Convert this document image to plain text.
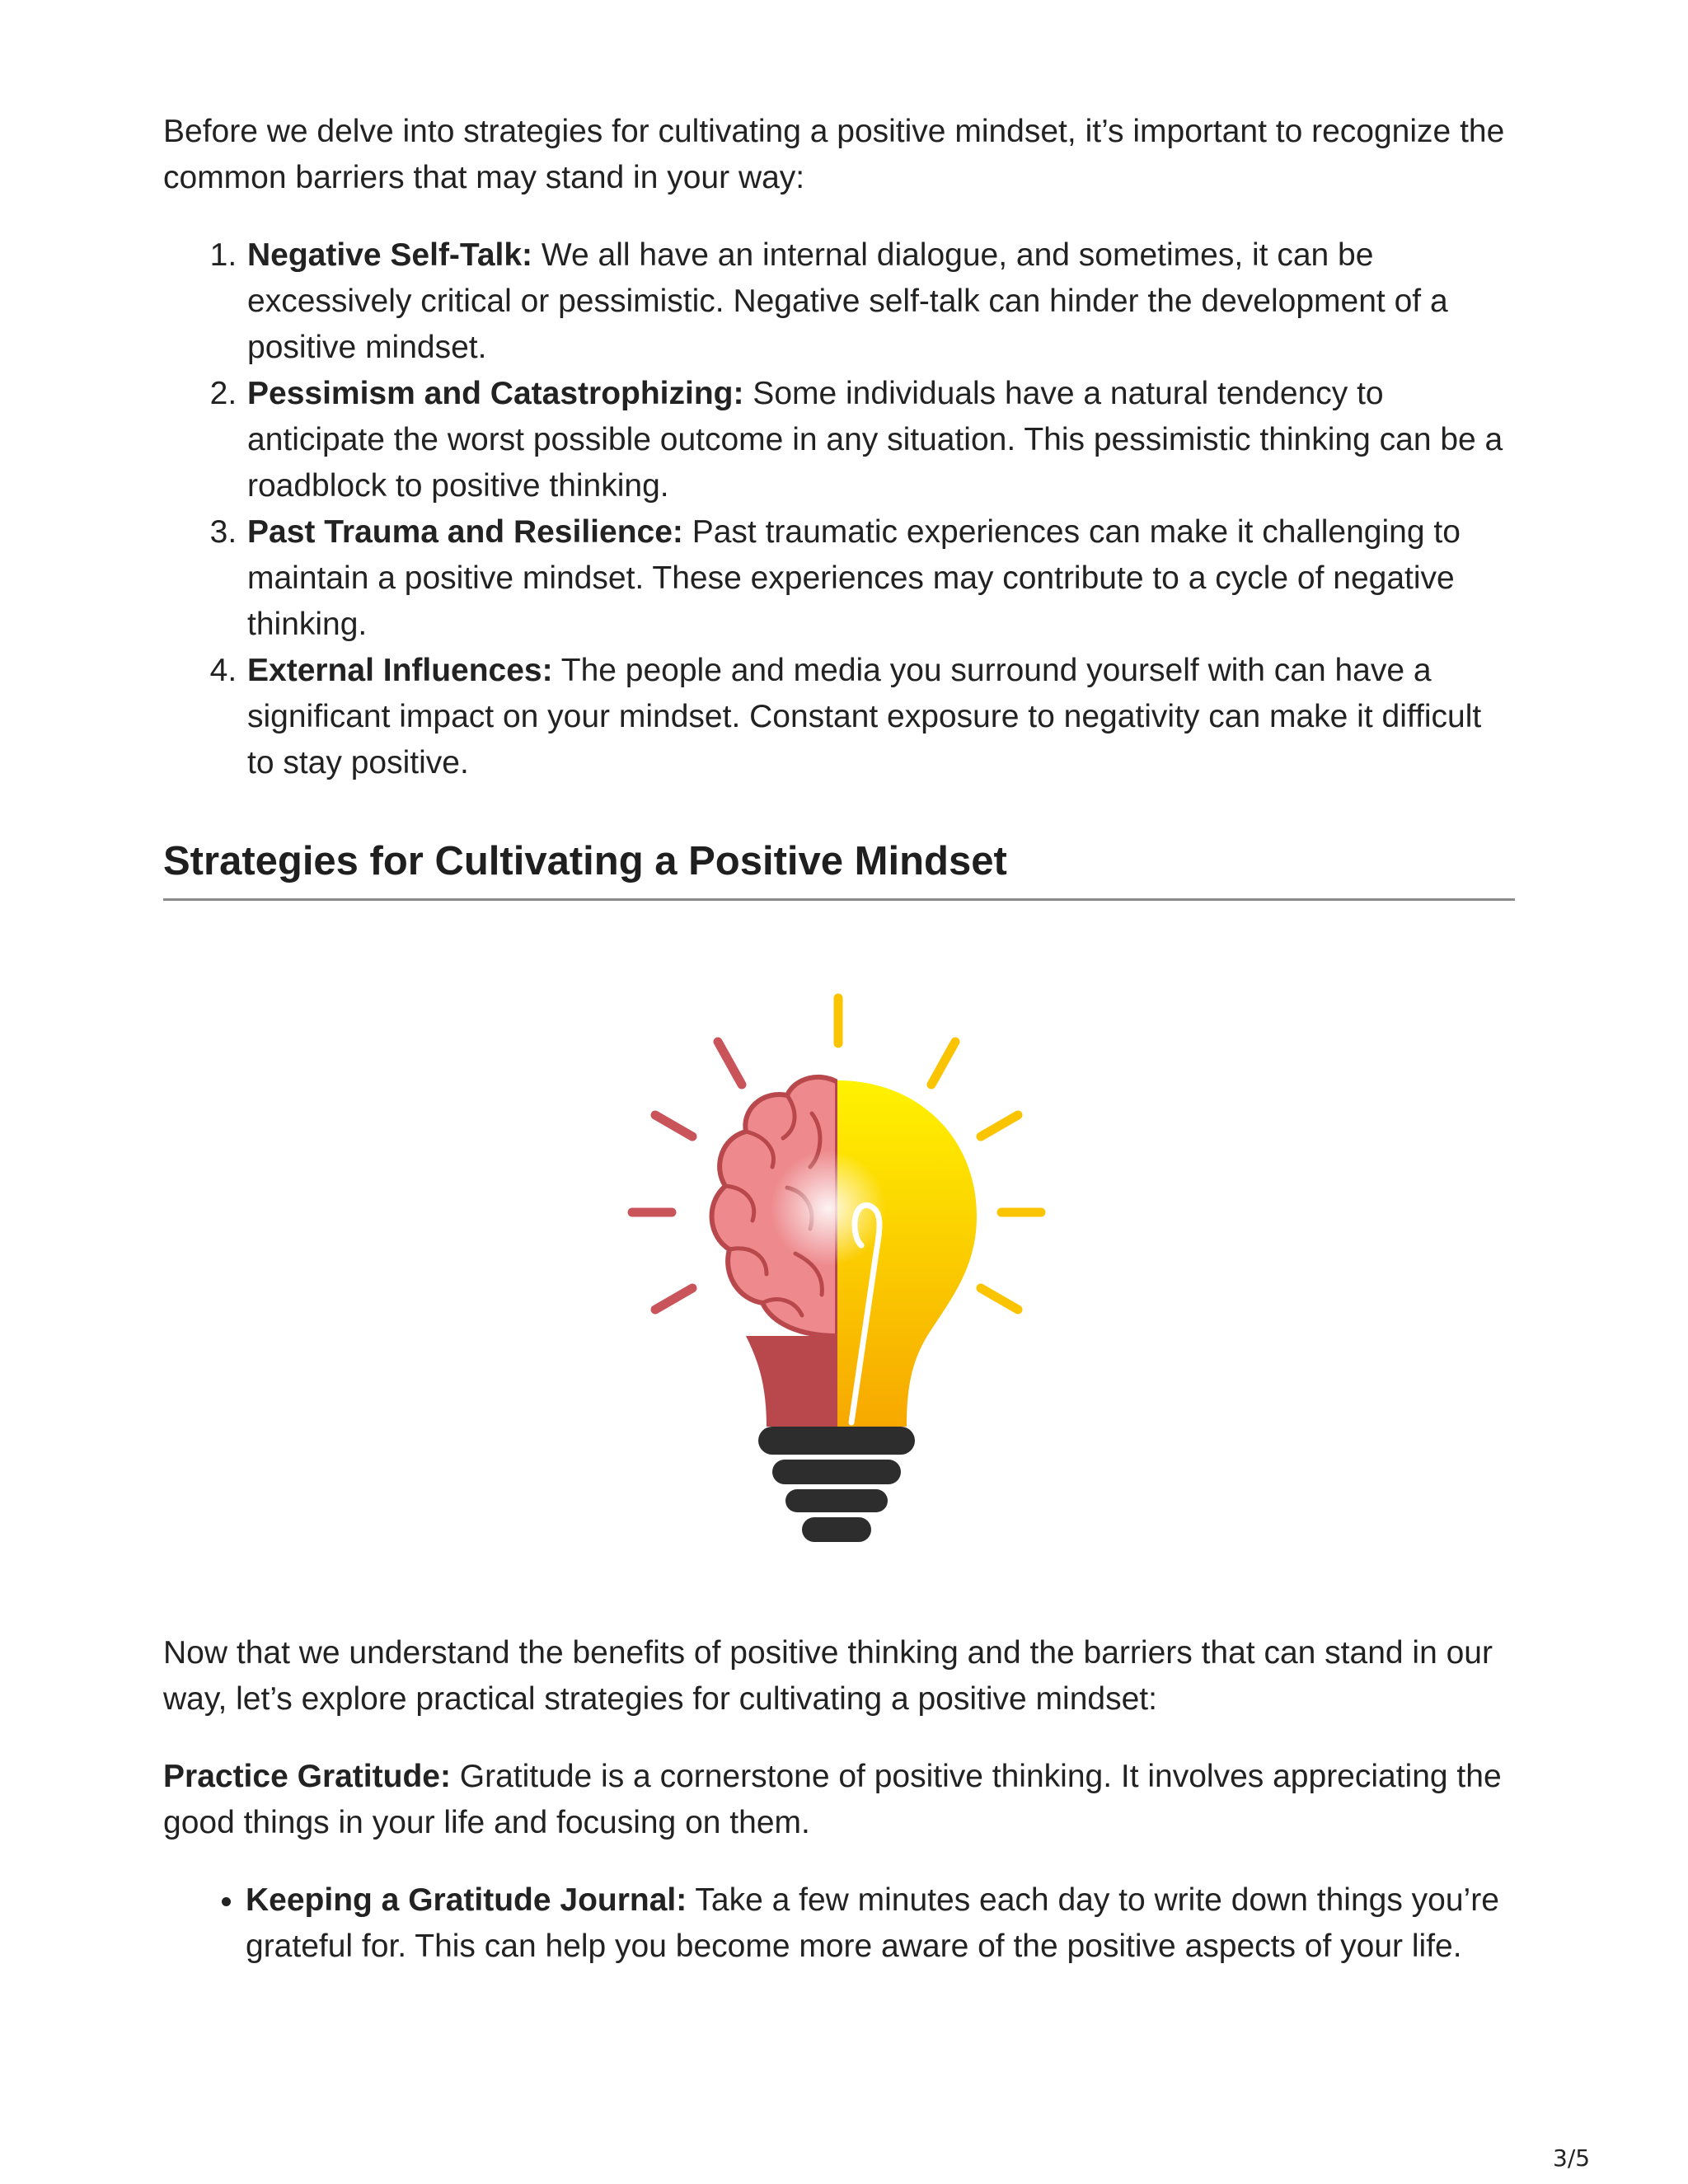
Before we delve into strategies for cultivating a positive mindset, it’s important to recognize the common barriers that may stand in your way:

1. Negative Self-Talk: We all have an internal dialogue, and sometimes, it can be excessively critical or pessimistic. Negative self-talk can hinder the development of a positive mindset.
2. Pessimism and Catastrophizing: Some individuals have a natural tendency to anticipate the worst possible outcome in any situation. This pessimistic thinking can be a roadblock to positive thinking.
3. Past Trauma and Resilience: Past traumatic experiences can make it challenging to maintain a positive mindset. These experiences may contribute to a cycle of negative thinking.
4. External Influences: The people and media you surround yourself with can have a significant impact on your mindset. Constant exposure to negativity can make it difficult to stay positive.
Strategies for Cultivating a Positive Mindset

Now that we understand the benefits of positive thinking and the barriers that can stand in our way, let’s explore practical strategies for cultivating a positive mindset:

Practice Gratitude: Gratitude is a cornerstone of positive thinking. It involves appreciating the good things in your life and focusing on them.

• Keeping a Gratitude Journal: Take a few minutes each day to write down things you’re grateful for. This can help you become more aware of the positive aspects of your life.
3/5
